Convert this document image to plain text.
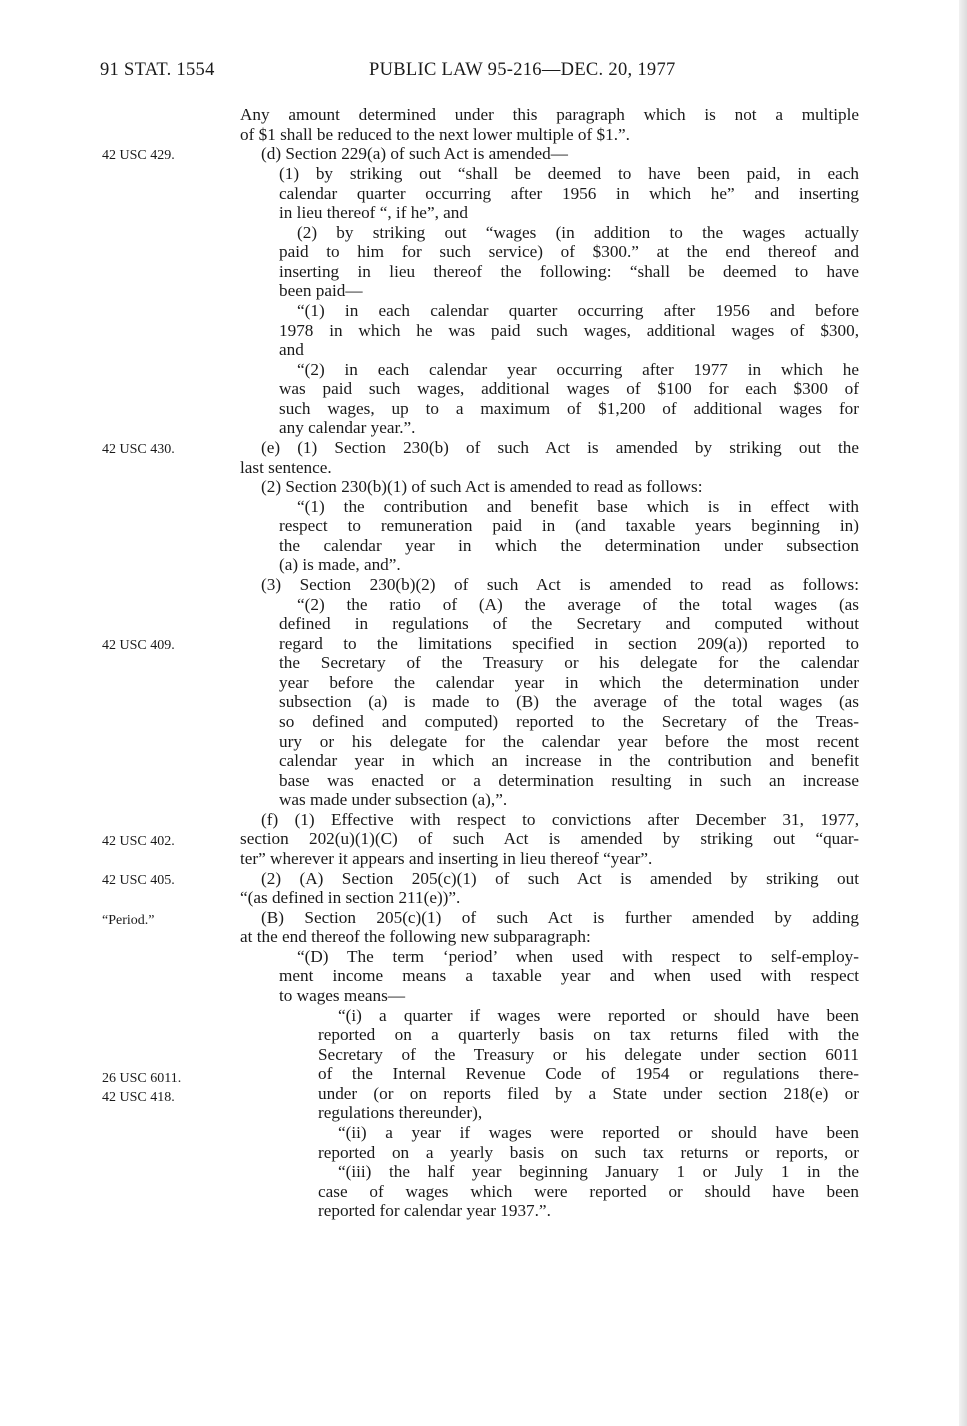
91 STAT. 1554	PUBLIC LAW 95-216—DEC. 20, 1977
42 USC 429.
42 USC 430.
42 USC 409.
42 USC 402.
42 USC 405.
“Period.”
26 USC 6011.
42 USC 418.
Any amount determined under this paragraph which is not a multiple
of $1 shall be reduced to the next lower multiple of $1.”.
(d) Section 229(a) of such Act is amended—
(1) by striking out “shall be deemed to have been paid, in each
calendar quarter occurring after 1956 in which he” and inserting
in lieu thereof “, if he”, and
(2) by striking out “wages (in addition to the wages actually
paid to him for such service) of $300.” at the end thereof and
inserting in lieu thereof the following: “shall be deemed to have
been paid—
“(1) in each calendar quarter occurring after 1956 and before
1978 in which he was paid such wages, additional wages of $300,
and
“(2) in each calendar year occurring after 1977 in which he
was paid such wages, additional wages of $100 for each $300 of
such wages, up to a maximum of $1,200 of additional wages for
any calendar year.”.
(e) (1) Section 230(b) of such Act is amended by striking out the
last sentence.
(2) Section 230(b)(1) of such Act is amended to read as follows:
“(1) the contribution and benefit base which is in effect with
respect to remuneration paid in (and taxable years beginning in)
the calendar year in which the determination under subsection
(a) is made, and”.
(3) Section 230(b)(2) of such Act is amended to read as follows:
“(2) the ratio of (A) the average of the total wages (as
defined in regulations of the Secretary and computed without
regard to the limitations specified in section 209(a)) reported to
the Secretary of the Treasury or his delegate for the calendar
year before the calendar year in which the determination under
subsection (a) is made to (B) the average of the total wages (as
so defined and computed) reported to the Secretary of the Treas-
ury or his delegate for the calendar year before the most recent
calendar year in which an increase in the contribution and benefit
base was enacted or a determination resulting in such an increase
was made under subsection (a),”.
(f) (1) Effective with respect to convictions after December 31, 1977,
section 202(u)(1)(C) of such Act is amended by striking out “quar-
ter” wherever it appears and inserting in lieu thereof “year”.
(2) (A) Section 205(c)(1) of such Act is amended by striking out
“(as defined in section 211(e))”.
(B) Section 205(c)(1) of such Act is further amended by adding
at the end thereof the following new subparagraph:
“(D) The term ‘period’ when used with respect to self-employ-
ment income means a taxable year and when used with respect
to wages means—
“(i) a quarter if wages were reported or should have been
reported on a quarterly basis on tax returns filed with the
Secretary of the Treasury or his delegate under section 6011
of the Internal Revenue Code of 1954 or regulations there-
under (or on reports filed by a State under section 218(e) or
regulations thereunder),
“(ii) a year if wages were reported or should have been
reported on a yearly basis on such tax returns or reports, or
“(iii) the half year beginning January 1 or July 1 in the
case of wages which were reported or should have been
reported for calendar year 1937.”.
